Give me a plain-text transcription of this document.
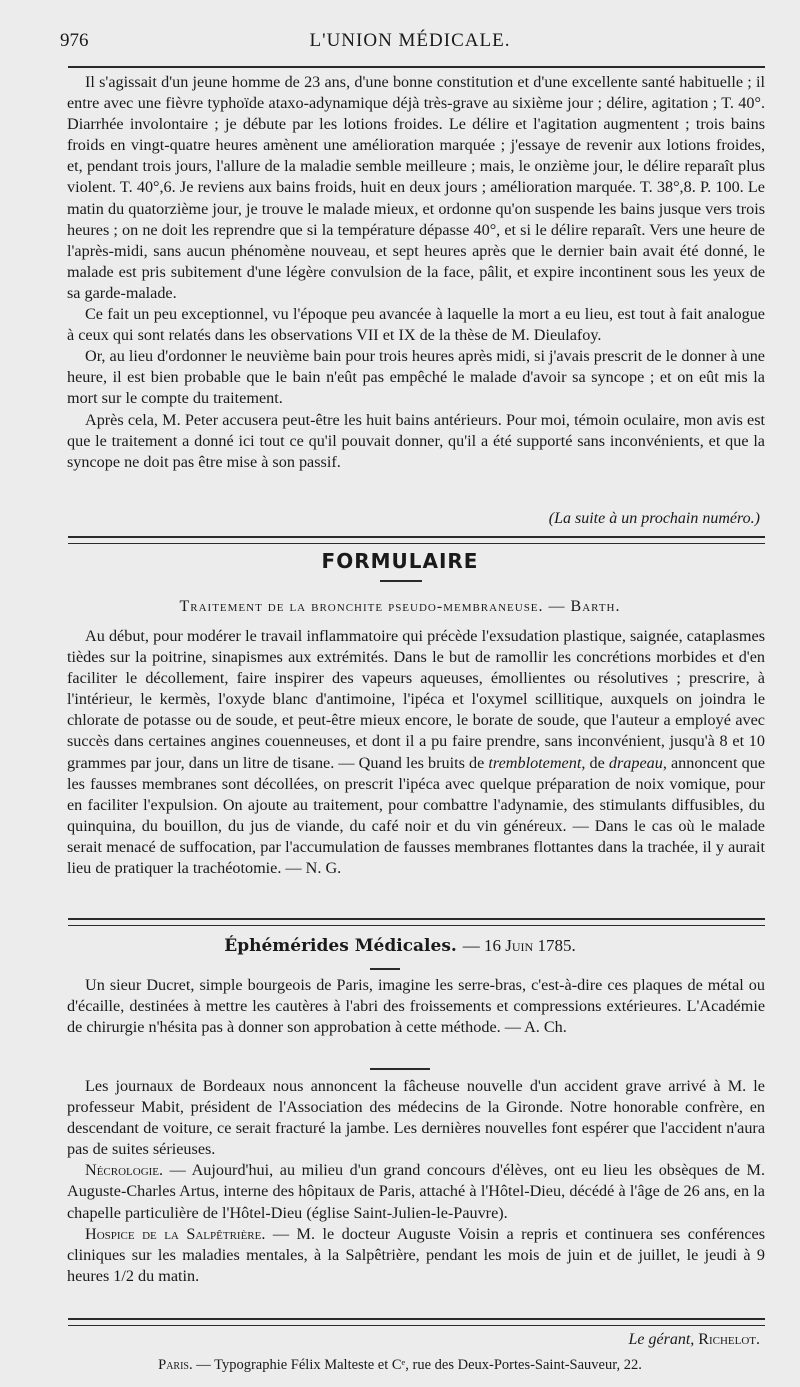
976	L'UNION MÉDICALE.

Il s'agissait d'un jeune homme de 23 ans, d'une bonne constitution et d'une excellente santé habituelle ; il entre avec une fièvre typhoïde ataxo-adynamique déjà très-grave au sixième jour ; délire, agitation ; T. 40°. Diarrhée involontaire ; je débute par les lotions froides. Le délire et l'agitation augmentent ; trois bains froids en vingt-quatre heures amènent une amélioration marquée ; j'essaye de revenir aux lotions froides, et, pendant trois jours, l'allure de la maladie semble meilleure ; mais, le onzième jour, le délire reparaît plus violent. T. 40°,6. Je reviens aux bains froids, huit en deux jours ; amélioration marquée. T. 38°,8. P. 100. Le matin du quatorzième jour, je trouve le malade mieux, et ordonne qu'on suspende les bains jusque vers trois heures ; on ne doit les reprendre que si la température dépasse 40°, et si le délire reparaît. Vers une heure de l'après-midi, sans aucun phénomène nouveau, et sept heures après que le dernier bain avait été donné, le malade est pris subitement d'une légère convulsion de la face, pâlit, et expire incontinent sous les yeux de sa garde-malade.

Ce fait un peu exceptionnel, vu l'époque peu avancée à laquelle la mort a eu lieu, est tout à fait analogue à ceux qui sont relatés dans les observations VII et IX de la thèse de M. Dieulafoy.

Or, au lieu d'ordonner le neuvième bain pour trois heures après midi, si j'avais prescrit de le donner à une heure, il est bien probable que le bain n'eût pas empêché le malade d'avoir sa syncope ; et on eût mis la mort sur le compte du traitement.

Après cela, M. Peter accusera peut-être les huit bains antérieurs. Pour moi, témoin oculaire, mon avis est que le traitement a donné ici tout ce qu'il pouvait donner, qu'il a été supporté sans inconvénients, et que la syncope ne doit pas être mise à son passif.

(La suite à un prochain numéro.)
FORMULAIRE
Traitement de la bronchite pseudo-membraneuse. — Barth.

Au début, pour modérer le travail inflammatoire qui précède l'exsudation plastique, saignée, cataplasmes tièdes sur la poitrine, sinapismes aux extrémités. Dans le but de ramollir les concrétions morbides et d'en faciliter le décollement, faire inspirer des vapeurs aqueuses, émollientes ou résolutives ; prescrire, à l'intérieur, le kermès, l'oxyde blanc d'antimoine, l'ipéca et l'oxymel scillitique, auxquels on joindra le chlorate de potasse ou de soude, et peut-être mieux encore, le borate de soude, que l'auteur a employé avec succès dans certaines angines couenneuses, et dont il a pu faire prendre, sans inconvénient, jusqu'à 8 et 10 grammes par jour, dans un litre de tisane. — Quand les bruits de tremblotement, de drapeau, annoncent que les fausses membranes sont décollées, on prescrit l'ipéca avec quelque préparation de noix vomique, pour en faciliter l'expulsion. On ajoute au traitement, pour combattre l'adynamie, des stimulants diffusibles, du quinquina, du bouillon, du jus de viande, du café noir et du vin généreux. — Dans le cas où le malade serait menacé de suffocation, par l'accumulation de fausses membranes flottantes dans la trachée, il y aurait lieu de pratiquer la trachéotomie. — N. G.

Éphémérides Médicales. — 16 Juin 1785.

Un sieur Ducret, simple bourgeois de Paris, imagine les serre-bras, c'est-à-dire ces plaques de métal ou d'écaille, destinées à mettre les cautères à l'abri des froissements et compressions extérieures. L'Académie de chirurgie n'hésita pas à donner son approbation à cette méthode. — A. Ch.

Les journaux de Bordeaux nous annoncent la fâcheuse nouvelle d'un accident grave arrivé à M. le professeur Mabit, président de l'Association des médecins de la Gironde. Notre honorable confrère, en descendant de voiture, ce serait fracturé la jambe. Les dernières nouvelles font espérer que l'accident n'aura pas de suites sérieuses.

Nécrologie. — Aujourd'hui, au milieu d'un grand concours d'élèves, ont eu lieu les obsèques de M. Auguste-Charles Artus, interne des hôpitaux de Paris, attaché à l'Hôtel-Dieu, décédé à l'âge de 26 ans, en la chapelle particulière de l'Hôtel-Dieu (église Saint-Julien-le-Pauvre).

Hospice de la Salpêtrière. — M. le docteur Auguste Voisin a repris et continuera ses conférences cliniques sur les maladies mentales, à la Salpêtrière, pendant les mois de juin et de juillet, le jeudi à 9 heures 1/2 du matin.

Le gérant, Richelot.
Paris. — Typographie Félix Malteste et Cᵉ, rue des Deux-Portes-Saint-Sauveur, 22.
